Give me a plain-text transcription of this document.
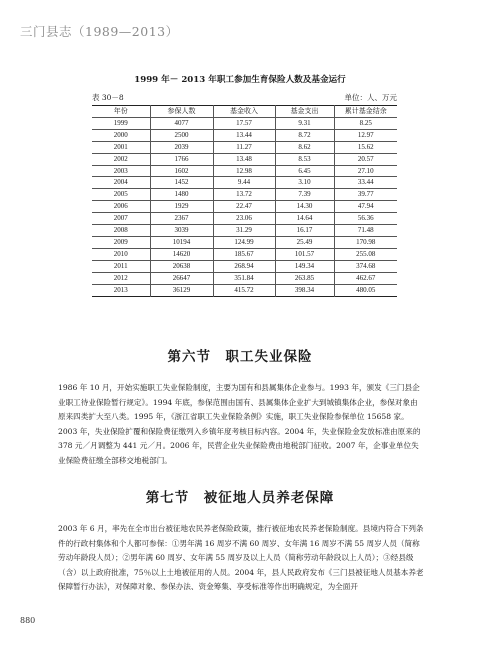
三门县志（1989—2013）
1999 年－ 2013 年职工参加生育保险人数及基金运行
表 30－8	单位：人、万元
年份	参保人数	基金收入	基金支出	累计基金结余
1999	4077	17.57	9.31	8.25
2000	2500	13.44	8.72	12.97
2001	2039	11.27	8.62	15.62
2002	1766	13.48	8.53	20.57
2003	1602	12.98	6.45	27.10
2004	1452	9.44	3.10	33.44
2005	1480	13.72	7.39	39.77
2006	1929	22.47	14.30	47.94
2007	2367	23.06	14.64	56.36
2008	3039	31.29	16.17	71.48
2009	10194	124.99	25.49	170.98
2010	14620	185.67	101.57	255.08
2011	20638	268.94	149.34	374.68
2012	26647	351.84	263.85	462.67
2013	36129	415.72	398.34	480.05
第六节　职工失业保险

1986 年 10 月，开始实施职工失业保险制度，主要为国有和县属集体企业参与。1993 年，颁发《三门县企业职工待业保险暂行规定》。1994 年底，参保范围由国有、县属集体企业扩大到城镇集体企业，参保对象由原来四类扩大至八类。1995 年，《浙江省职工失业保险条例》实施，职工失业保险参保单位 15658 家。2003 年，失业保险扩覆和保险费征缴列入乡镇年度考核目标内容。2004 年，失业保险金发放标准由原来的 378 元／月调整为 441 元／月。2006 年，民营企业失业保险费由地税部门征收。2007 年，企事业单位失业保险费征缴全部移交地税部门。

第七节　被征地人员养老保障

2003 年 6 月，率先在全市出台被征地农民养老保险政策，推行被征地农民养老保险制度。县境内符合下列条件的行政村集体和个人都可参保：①男年满 16 周岁不满 60 周岁、女年满 16 周岁不满 55 周岁人员（简称劳动年龄段人员）；②男年满 60 周岁、女年满 55 周岁及以上人员（简称劳动年龄段以上人员）；③经县级（含）以上政府批准，75％以上土地被征用的人员。2004 年，县人民政府发布《三门县被征地人员基本养老保障暂行办法》，对保障对象、参保办法、资金筹集、享受标准等作出明确规定，为全面开

880
